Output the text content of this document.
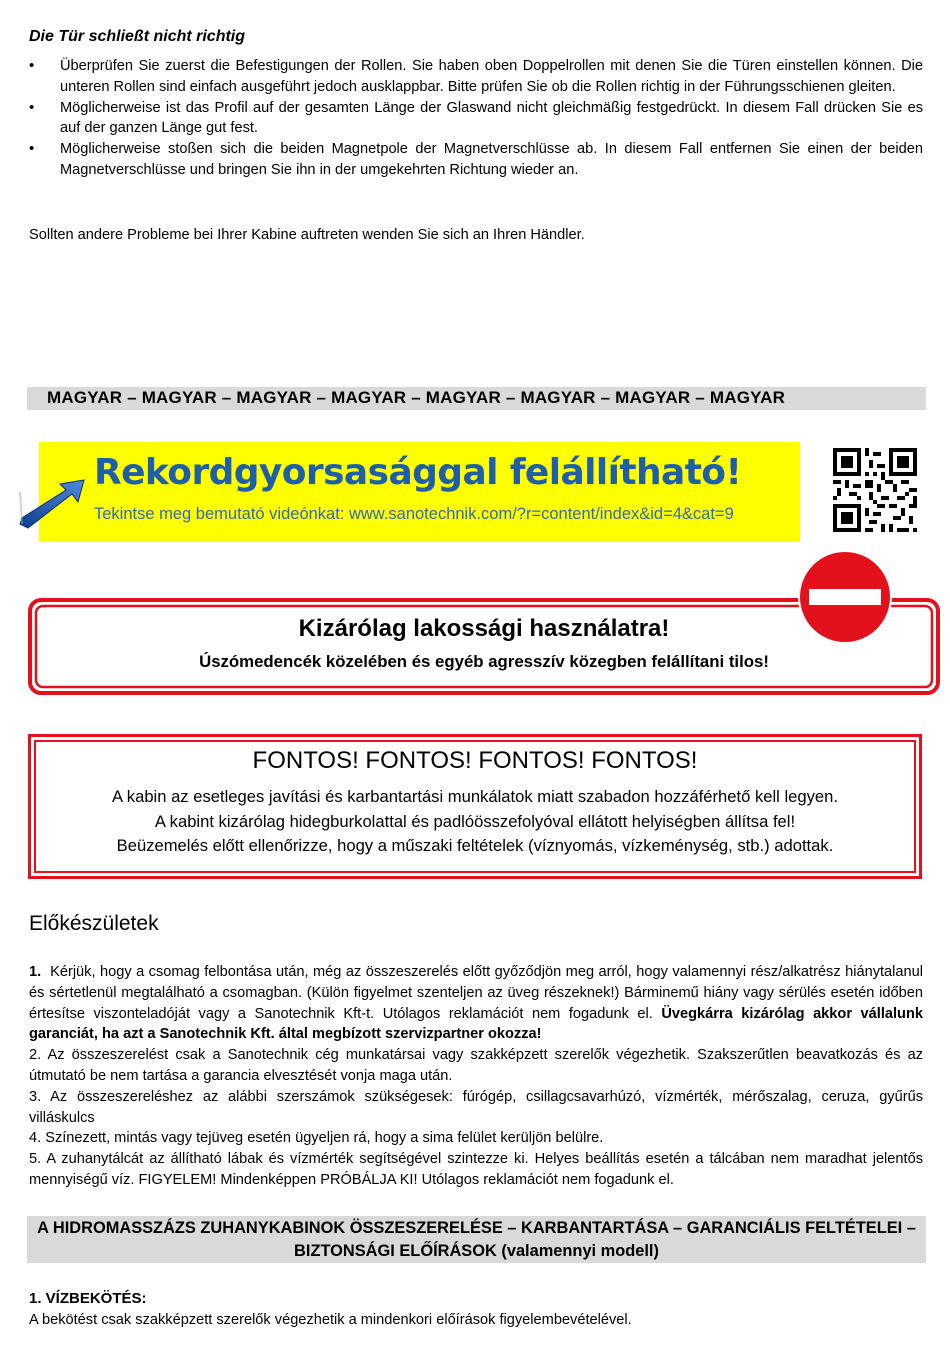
Die Tür schließt nicht richtig
• Überprüfen Sie zuerst die Befestigungen der Rollen. Sie haben oben Doppelrollen mit denen Sie die Türen einstellen können. Die unteren Rollen sind einfach ausgeführt jedoch ausklappbar. Bitte prüfen Sie ob die Rollen richtig in der Führungsschienen gleiten.
• Möglicherweise ist das Profil auf der gesamten Länge der Glaswand nicht gleichmäßig festgedrückt. In diesem Fall drücken Sie es auf der ganzen Länge gut fest.
• Möglicherweise stoßen sich die beiden Magnetpole der Magnetverschlüsse ab. In diesem Fall entfernen Sie einen der beiden Magnetverschlüsse und bringen Sie ihn in der umgekehrten Richtung wieder an.
Sollten andere Probleme bei Ihrer Kabine auftreten wenden Sie sich an Ihren Händler.
MAGYAR – MAGYAR – MAGYAR – MAGYAR – MAGYAR – MAGYAR – MAGYAR – MAGYAR
Rekordgyorsasággal felállítható!
Tekintse meg bemutató videónkat: www.sanotechnik.com/?r=content/index&id=4&cat=9
Kizárólag lakossági használatra!
Úszómedencék közelében és egyéb agresszív közegben felállítani tilos!
FONTOS! FONTOS! FONTOS! FONTOS!
A kabin az esetleges javítási és karbantartási munkálatok miatt szabadon hozzáférhető kell legyen.
A kabint kizárólag hidegburkolattal és padlóösszefolyóval ellátott helyiségben állítsa fel!
Beüzemelés előtt ellenőrizze, hogy a műszaki feltételek (víznyomás, vízkeménység, stb.) adottak.
Előkészületek
1. Kérjük, hogy a csomag felbontása után, még az összeszerelés előtt győződjön meg arról, hogy valamennyi rész/alkatrész hiánytalanul és sértetlenül megtalálható a csomagban. (Külön figyelmet szenteljen az üveg részeknek!) Bárminemű hiány vagy sérülés esetén időben értesítse viszonteladóját vagy a Sanotechnik Kft-t. Utólagos reklamációt nem fogadunk el. Üvegkárra kizárólag akkor vállalunk garanciát, ha azt a Sanotechnik Kft. által megbízott szervizpartner okozza!
2. Az összeszerelést csak a Sanotechnik cég munkatársai vagy szakképzett szerelők végezhetik. Szakszerűtlen beavatkozás és az útmutató be nem tartása a garancia elvesztését vonja maga után.
3. Az összeszereléshez az alábbi szerszámok szükségesek: fúrógép, csillagcsavarhúzó, vízmérték, mérőszalag, ceruza, gyűrűs villáskulcs
4. Színezett, mintás vagy tejüveg esetén ügyeljen rá, hogy a sima felület kerüljön belülre.
5. A zuhanytálcát az állítható lábak és vízmérték segítségével szintezze ki. Helyes beállítás esetén a tálcában nem maradhat jelentős mennyiségű víz. FIGYELEM! Mindenképpen PRÓBÁLJA KI! Utólagos reklamációt nem fogadunk el.
A HIDROMASSZÁZS ZUHANYKABINOK ÖSSZESZERELÉSE – KARBANTARTÁSA – GARANCIÁLIS FELTÉTELEI –
BIZTONSÁGI ELŐÍRÁSOK (valamennyi modell)
1. VÍZBEKÖTÉS:
A bekötést csak szakképzett szerelők végezhetik a mindenkori előírások figyelembevételével.
